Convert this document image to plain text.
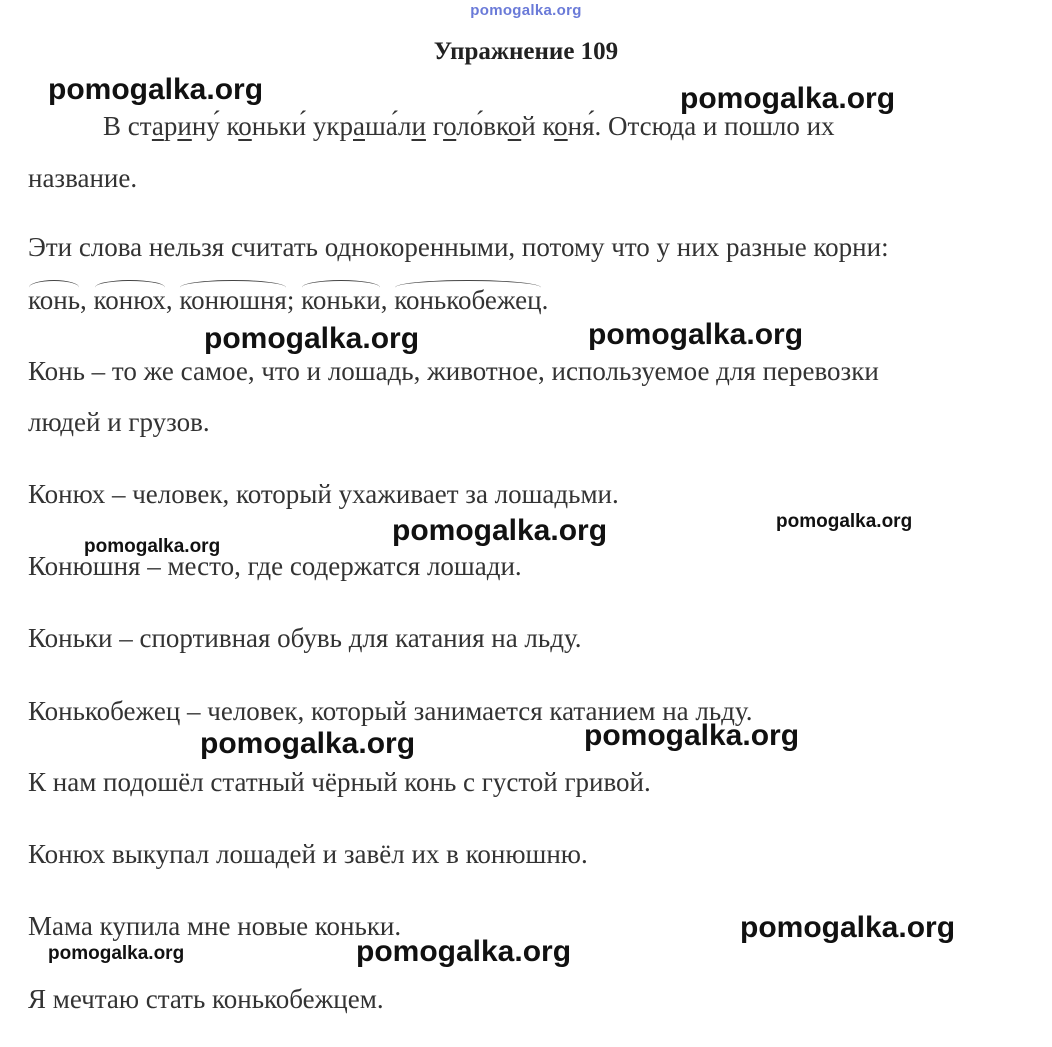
pomogalka.org
Упражнение 109
В старину́ коньки́ украша́ли голо́вкой коня́. Отсюда и пошло их
название.
Эти слова нельзя считать однокоренными, потому что у них разные корни:
конь, конюх, конюшня; коньки, конькобежец.
Конь – то же самое, что и лошадь, животное, используемое для перевозки
людей и грузов.
Конюх – человек, который ухаживает за лошадьми.
Конюшня – место, где содержатся лошади.
Коньки – спортивная обувь для катания на льду.
Конькобежец – человек, который занимается катанием на льду.
К нам подошёл статный чёрный конь с густой гривой.
Конюх выкупал лошадей и завёл их в конюшню.
Мама купила мне новые коньки.
Я мечтаю стать конькобежцем.
pomogalka.org	pomogalka.org
pomogalka.org	pomogalka.org
pomogalka.org	pomogalka.org
pomogalka.org
pomogalka.org	pomogalka.org
pomogalka.org
pomogalka.org	pomogalka.org
